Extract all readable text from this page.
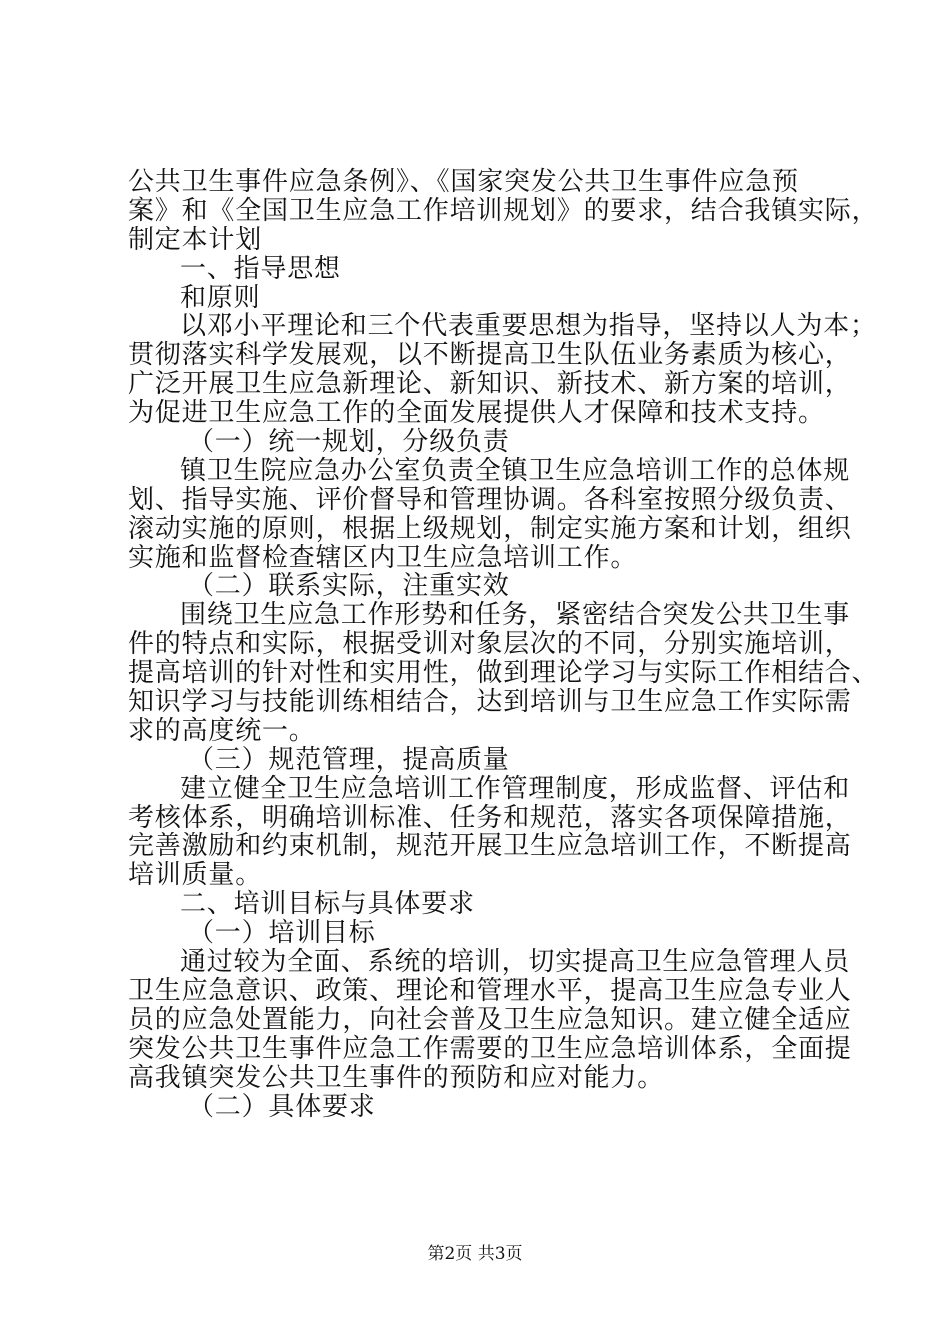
公共卫生事件应急条例》、《国家突发公共卫生事件应急预
案》和《全国卫生应急工作培训规划》的要求，结合我镇实际，
制定本计划
一、指导思想
和原则
以邓小平理论和三个代表重要思想为指导，坚持以人为本；
贯彻落实科学发展观，以不断提高卫生队伍业务素质为核心，
广泛开展卫生应急新理论、新知识、新技术、新方案的培训，
为促进卫生应急工作的全面发展提供人才保障和技术支持。
（一）统一规划，分级负责
镇卫生院应急办公室负责全镇卫生应急培训工作的总体规
划、指导实施、评价督导和管理协调。各科室按照分级负责、
滚动实施的原则，根据上级规划，制定实施方案和计划，组织
实施和监督检查辖区内卫生应急培训工作。
（二）联系实际，注重实效
围绕卫生应急工作形势和任务，紧密结合突发公共卫生事
件的特点和实际，根据受训对象层次的不同，分别实施培训，
提高培训的针对性和实用性，做到理论学习与实际工作相结合、
知识学习与技能训练相结合，达到培训与卫生应急工作实际需
求的高度统一。
（三）规范管理，提高质量
建立健全卫生应急培训工作管理制度，形成监督、评估和
考核体系，明确培训标准、任务和规范，落实各项保障措施，
完善激励和约束机制，规范开展卫生应急培训工作，不断提高
培训质量。
二、培训目标与具体要求
（一）培训目标
通过较为全面、系统的培训，切实提高卫生应急管理人员
卫生应急意识、政策、理论和管理水平，提高卫生应急专业人
员的应急处置能力，向社会普及卫生应急知识。建立健全适应
突发公共卫生事件应急工作需要的卫生应急培训体系，全面提
高我镇突发公共卫生事件的预防和应对能力。
（二）具体要求
第2页 共3页
